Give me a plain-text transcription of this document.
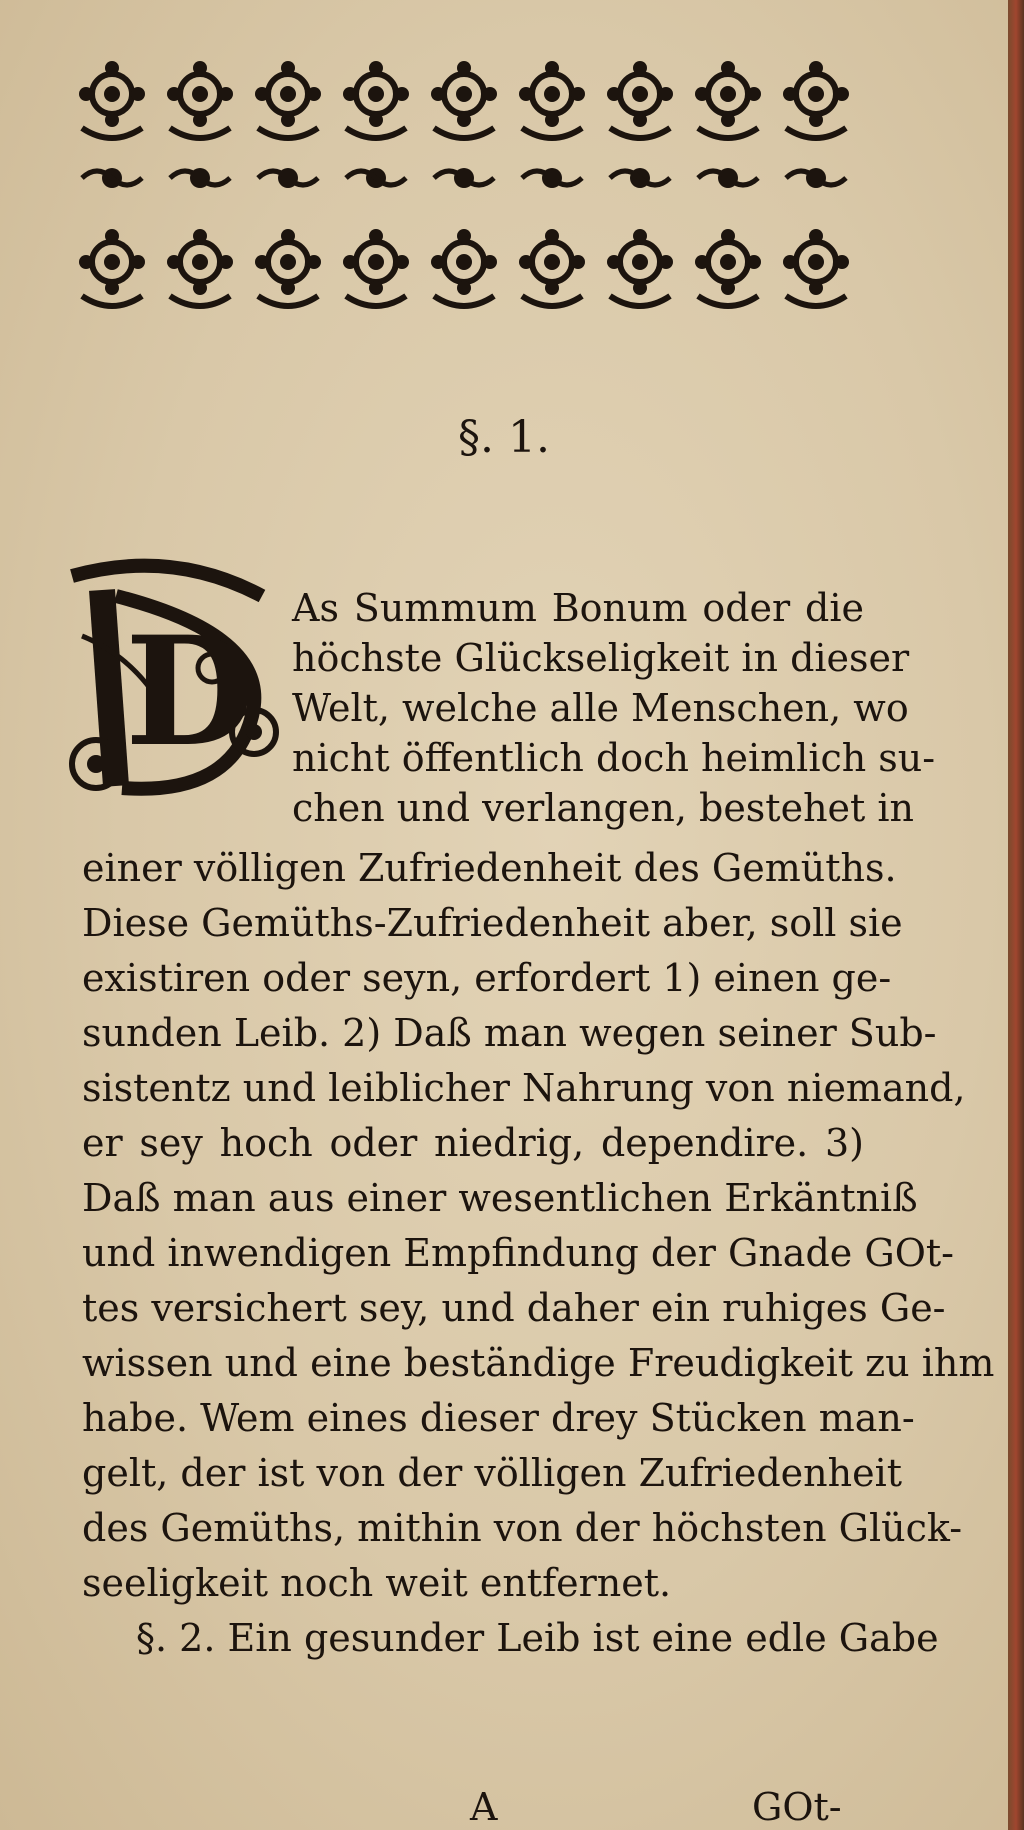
§. 1.
D As Summum Bonum oder die
höchste Glückseligkeit in dieser
Welt, welche alle Menschen, wo
nicht öffentlich doch heimlich su-
chen und verlangen, bestehet in
einer völligen Zufriedenheit des Gemüths.
Diese Gemüths-Zufriedenheit aber, soll sie
existiren oder seyn, erfordert 1) einen ge-
sunden Leib. 2) Daß man wegen seiner Sub-
sistentz und leiblicher Nahrung von niemand,
er sey hoch oder niedrig, dependire. 3)
Daß man aus einer wesentlichen Erkäntniß
und inwendigen Empfindung der Gnade GOt-
tes versichert sey, und daher ein ruhiges Ge-
wissen und eine beständige Freudigkeit zu ihm
habe. Wem eines dieser drey Stücken man-
gelt, der ist von der völligen Zufriedenheit
des Gemüths, mithin von der höchsten Glück-
seeligkeit noch weit entfernet.
§. 2. Ein gesunder Leib ist eine edle Gabe
A	GOt-
